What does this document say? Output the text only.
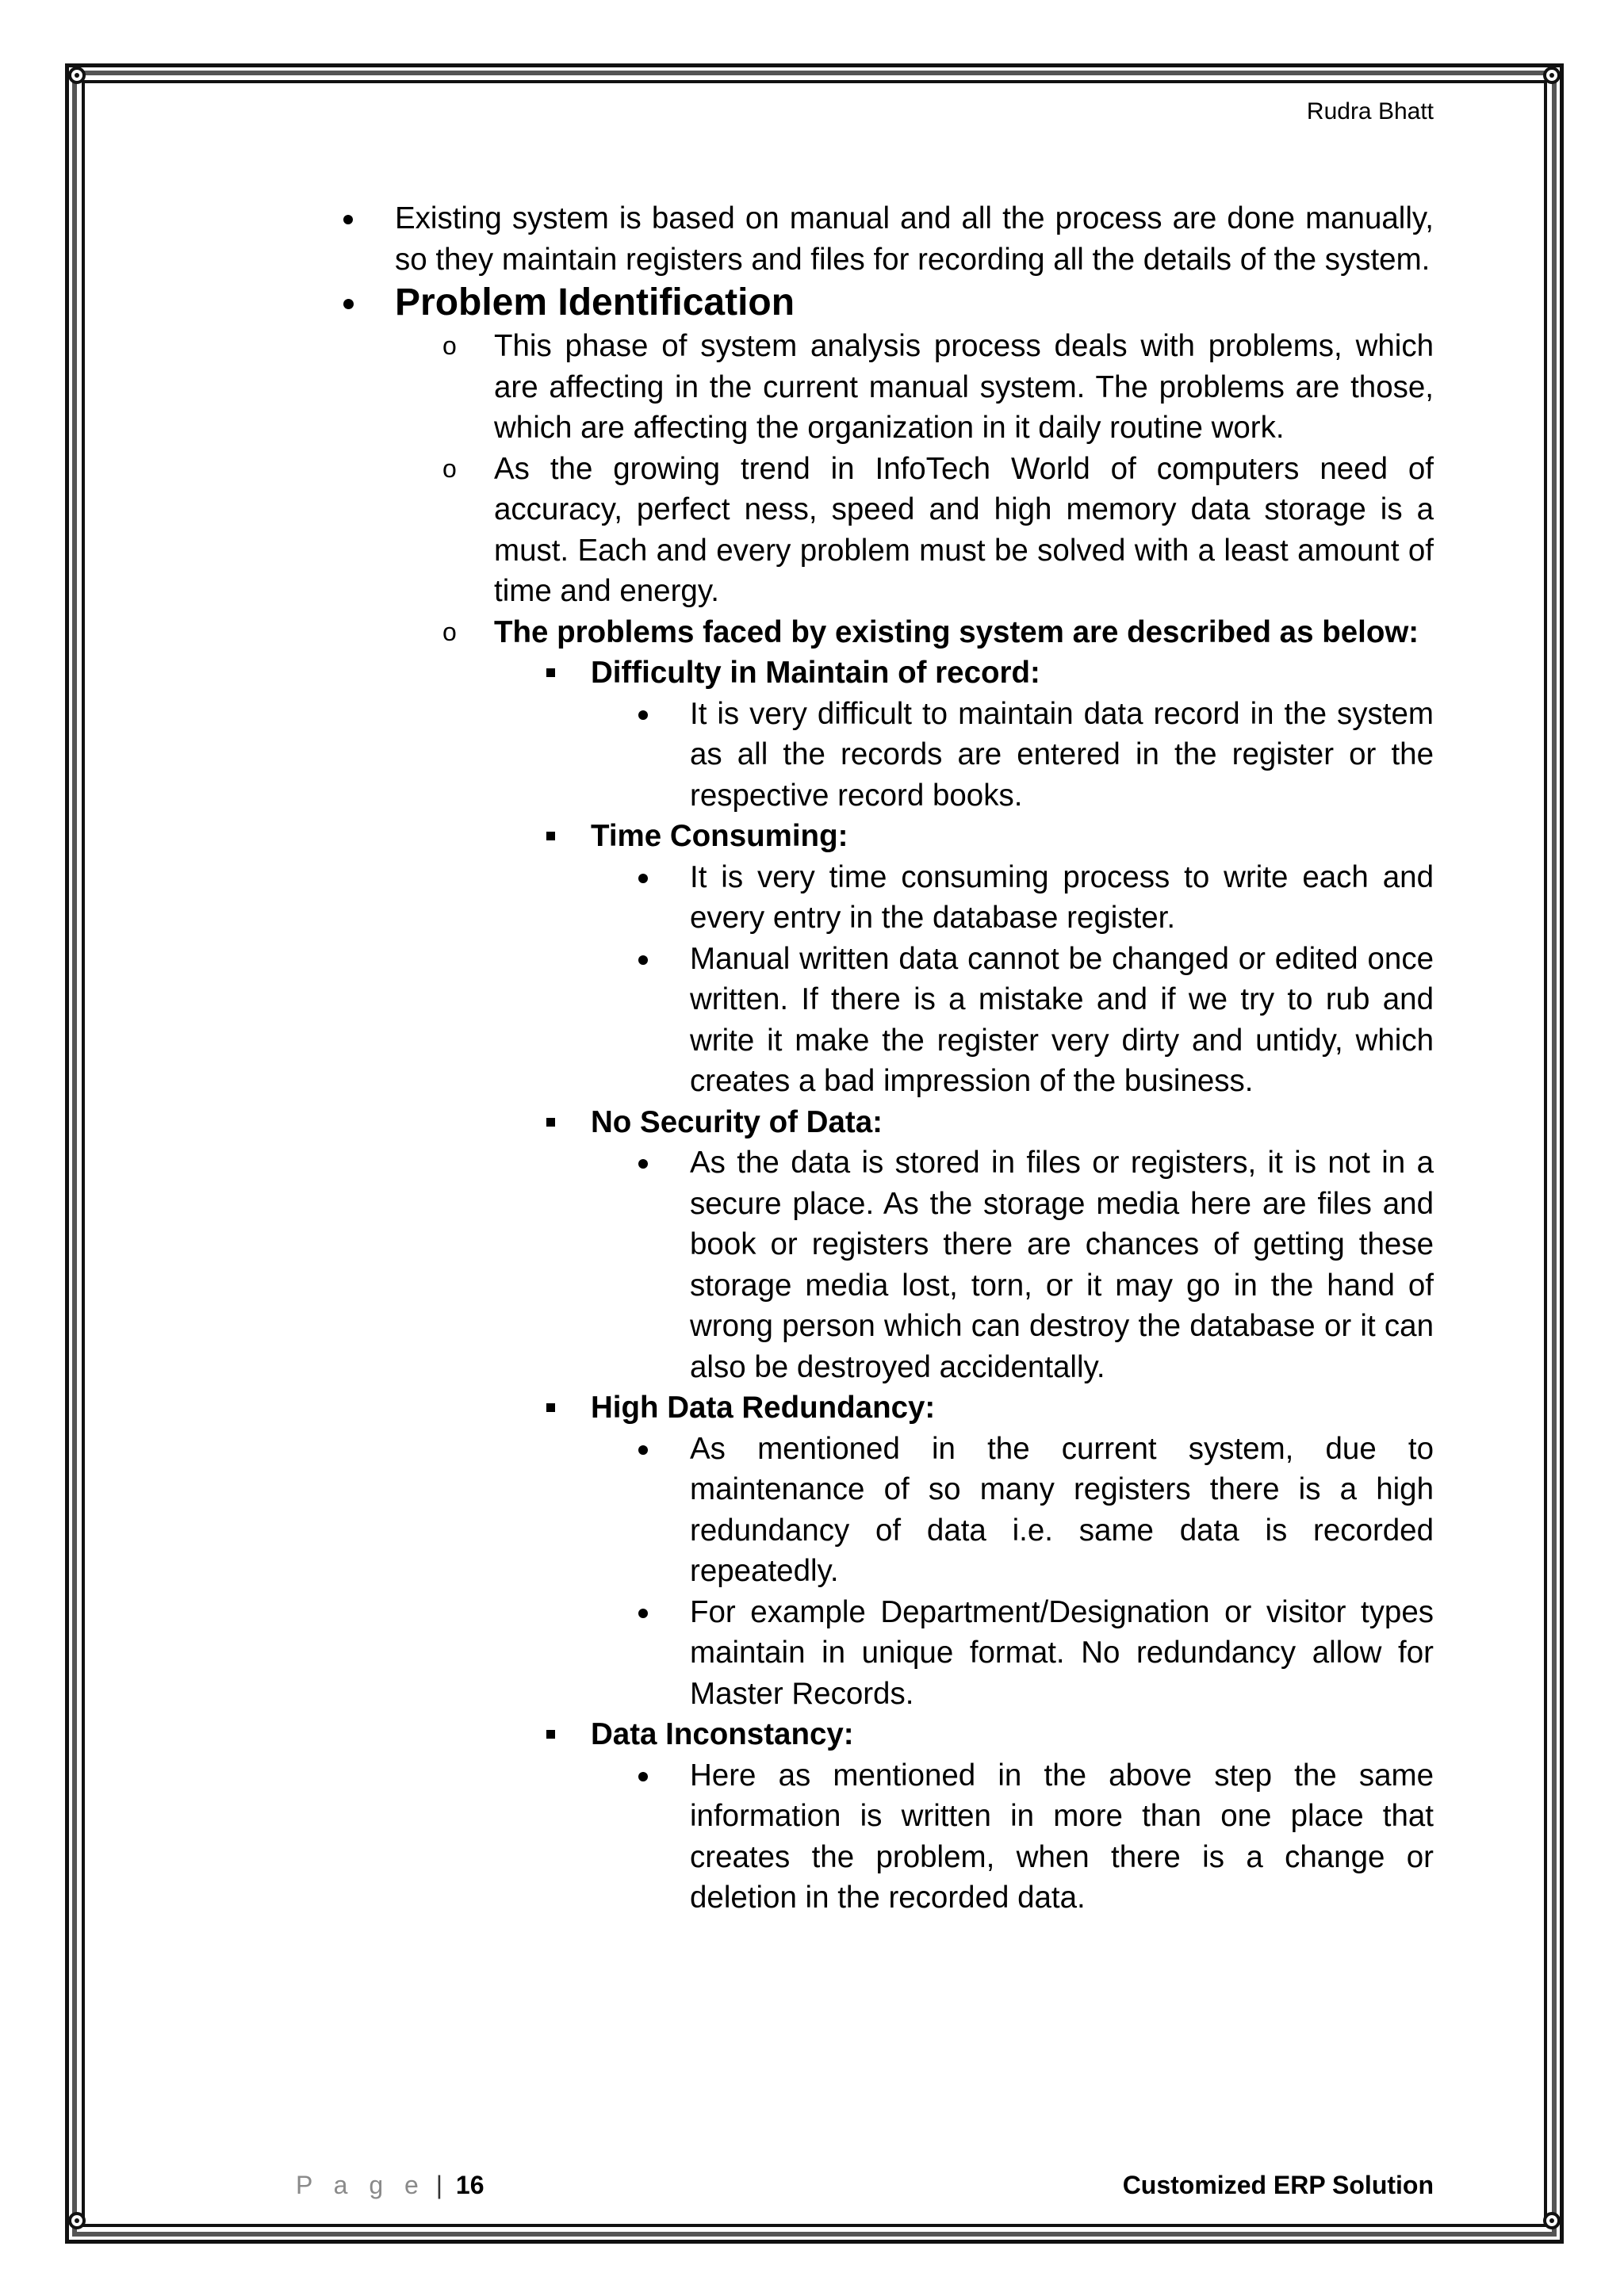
Rudra Bhatt
Existing system is based on manual and all the process are done manually, so they maintain registers and files for recording all the details of the system.
Problem Identification
o This phase of system analysis process deals with problems, which are affecting in the current manual system. The problems are those, which are affecting the organization in it daily routine work.
o As the growing trend in InfoTech World of computers need of accuracy, perfect ness, speed and high memory data storage is a must. Each and every problem must be solved with a least amount of time and energy.
o The problems faced by existing system are described as below:
Difficulty in Maintain of record:
It is very difficult to maintain data record in the system as all the records are entered in the register or the respective record books.
Time Consuming:
It is very time consuming process to write each and every entry in the database register.
Manual written data cannot be changed or edited once written. If there is a mistake and if we try to rub and write it make the register very dirty and untidy, which creates a bad impression of the business.
No Security of Data:
As the data is stored in files or registers, it is not in a secure place. As the storage media here are files and book or registers there are chances of getting these storage media lost, torn, or it may go in the hand of wrong person which can destroy the database or it can also be destroyed accidentally.
High Data Redundancy:
As mentioned in the current system, due to maintenance of so many registers there is a high redundancy of data i.e. same data is recorded repeatedly.
For example Department/Designation or visitor types maintain in unique format. No redundancy allow for Master Records.
Data Inconstancy:
Here as mentioned in the above step the same information is written in more than one place that creates the problem, when there is a change or deletion in the recorded data.
P a g e | 16	Customized ERP Solution
